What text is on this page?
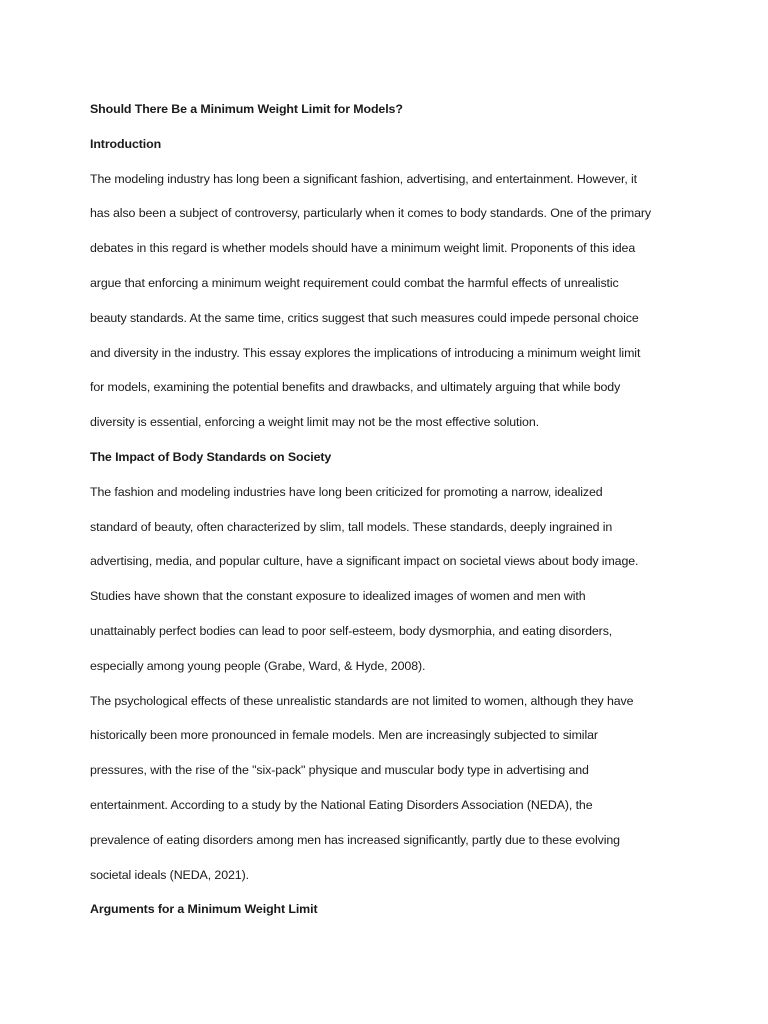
Should There Be a Minimum Weight Limit for Models?
Introduction
The modeling industry has long been a significant fashion, advertising, and entertainment. However, it
has also been a subject of controversy, particularly when it comes to body standards. One of the primary
debates in this regard is whether models should have a minimum weight limit. Proponents of this idea
argue that enforcing a minimum weight requirement could combat the harmful effects of unrealistic
beauty standards. At the same time, critics suggest that such measures could impede personal choice
and diversity in the industry. This essay explores the implications of introducing a minimum weight limit
for models, examining the potential benefits and drawbacks, and ultimately arguing that while body
diversity is essential, enforcing a weight limit may not be the most effective solution.
The Impact of Body Standards on Society
The fashion and modeling industries have long been criticized for promoting a narrow, idealized
standard of beauty, often characterized by slim, tall models. These standards, deeply ingrained in
advertising, media, and popular culture, have a significant impact on societal views about body image.
Studies have shown that the constant exposure to idealized images of women and men with
unattainably perfect bodies can lead to poor self-esteem, body dysmorphia, and eating disorders,
especially among young people (Grabe, Ward, & Hyde, 2008).
The psychological effects of these unrealistic standards are not limited to women, although they have
historically been more pronounced in female models. Men are increasingly subjected to similar
pressures, with the rise of the "six-pack" physique and muscular body type in advertising and
entertainment. According to a study by the National Eating Disorders Association (NEDA), the
prevalence of eating disorders among men has increased significantly, partly due to these evolving
societal ideals (NEDA, 2021).
Arguments for a Minimum Weight Limit
